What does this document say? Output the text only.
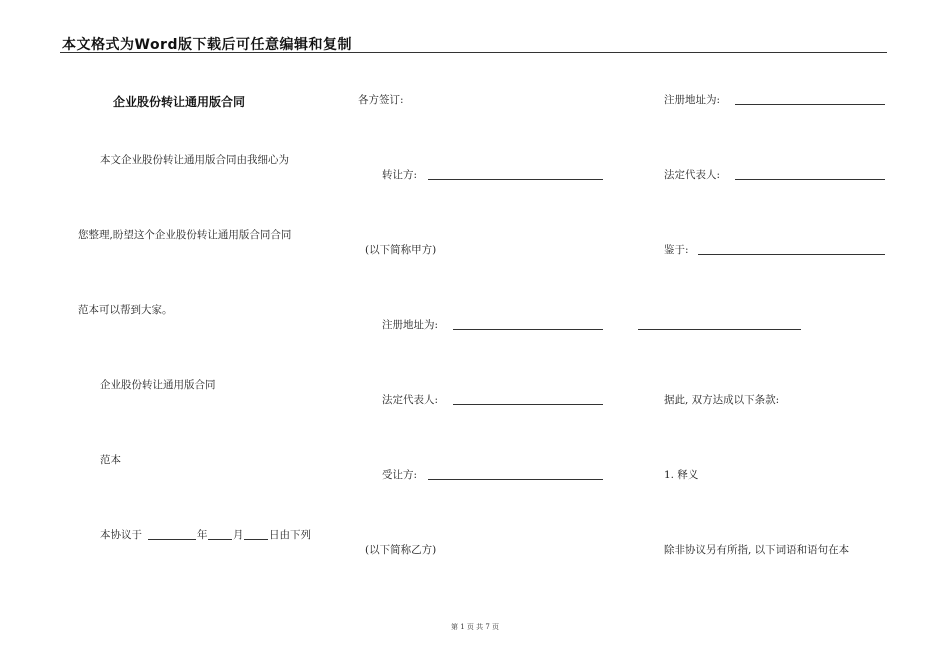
本文格式为Word版下载后可任意编辑和复制
企业股份转让通用版合同
本文企业股份转让通用版合同由我细心为
您整理,盼望这个企业股份转让通用版合同合同
范本可以帮到大家。
企业股份转让通用版合同
范本
本协议于	年 月 日由下列
各方签订:
转让方:
(以下简称甲方)
注册地址为:
法定代表人:
受让方:
(以下简称乙方)
注册地址为:
法定代表人:
鉴于:
据此, 双方达成以下条款:
1. 释义
除非协议另有所指, 以下词语和语句在本
第 1 页 共 7 页
